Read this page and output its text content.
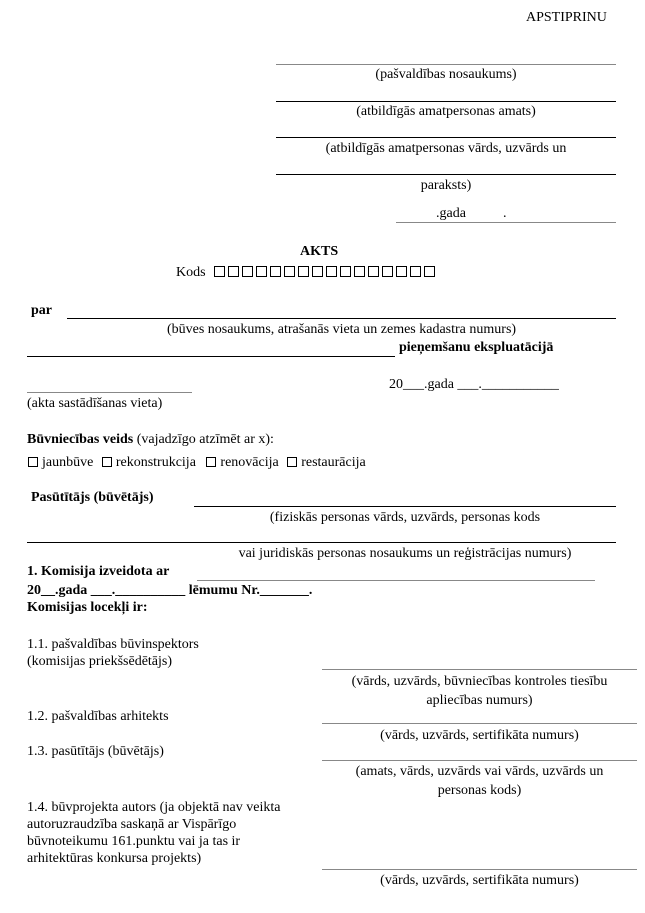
APSTIPRINU
(pašvaldības nosaukums)
(atbildīgās amatpersonas amats)
(atbildīgās amatpersonas vārds, uzvārds un
paraksts)
.gada	.
AKTS
Kods
par
(būves nosaukums, atrašanās vieta un zemes kadastra numurs)
pieņemšanu ekspluatācijā
20___.gada ___.___________
(akta sastādīšanas vieta)
Būvniecības veids (vajadzīgo atzīmēt ar x):
jaunbūve rekonstrukcija renovācija restaurācija
Pasūtītājs (būvētājs)
(fiziskās personas vārds, uzvārds, personas kods
vai juridiskās personas nosaukums un reģistrācijas numurs)
1. Komisija izveidota ar
20__.gada ___.__________ lēmumu Nr._______.
Komisijas locekļi ir:
1.1. pašvaldības būvinspektors
(komisijas priekšsēdētājs)
(vārds, uzvārds, būvniecības kontroles tiesību
apliecības numurs)
1.2. pašvaldības arhitekts
(vārds, uzvārds, sertifikāta numurs)
1.3. pasūtītājs (būvētājs)
(amats, vārds, uzvārds vai vārds, uzvārds un
personas kods)
1.4. būvprojekta autors (ja objektā nav veikta
autoruzraudzība saskaņā ar Vispārīgo
būvnoteikumu 161.punktu vai ja tas ir
arhitektūras konkursa projekts)
(vārds, uzvārds, sertifikāta numurs)
